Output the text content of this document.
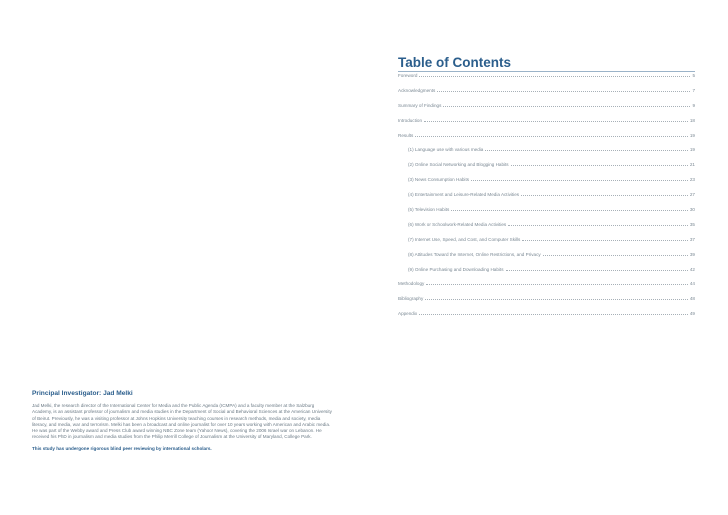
Principal Investigator: Jad Melki

Jad Melki, the research director of the International Center for Media and the Public Agenda (ICMPA) and a faculty member at the Salzburg Academy, is an assistant professor of journalism and media studies in the Department of Social and Behavioral Sciences at the American University of Beirut. Previously, he was a visiting professor at Johns Hopkins University teaching courses in research methods, media and society, media literacy, and media, war and terrorism. Melki has been a broadcast and online journalist for over 10 years working with American and Arabic media. He was part of the Webby award and Press Club award winning NBC Zone team (Yahoo! News), covering the 2006 Israel war on Lebanon. He received his PhD in journalism and media studies from the Philip Merrill College of Journalism at the University of Maryland, College Park.

This study has undergone rigorous blind peer reviewing by international scholars.

Table of Contents
Foreword	5
Acknowledgments	7
Summary of Findings	9
Introduction	18
Results	19
(1) Language use with various media	19
(2) Online Social Networking and Blogging Habits	21
(3) News Consumption Habits	23
(4) Entertainment and Leisure-Related Media Activities	27
(5) Television Habits	30
(6) Work or Schoolwork-Related Media Activities	35
(7) Internet Use, Speed, and Cost, and Computer Skills	37
(8) Attitudes Toward the Internet, Online Restrictions, and Privacy	39
(9) Online Purchasing and Downloading Habits	42
Methodology	44
Bibliography	48
Appendix	49
